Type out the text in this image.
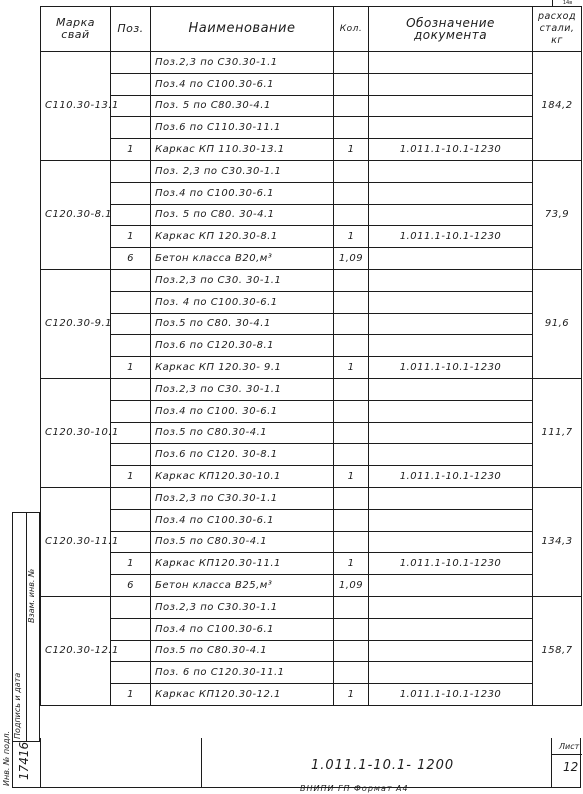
14в
Марка свай	Поз.	Наименование	Кол.	Обозначение документа	расход стали, кг
С110.30-13.1		Поз.2,3 по С30.30-1.1			184,2
		Поз.4 по С100.30-6.1			
		Поз. 5 по С80.30-4.1			
		Поз.6 по С110.30-11.1			
	1	Каркас КП 110.30-13.1	1	1.011.1-10.1-1230	
С120.30-8.1		Поз. 2,3 по С30.30-1.1			73,9
		Поз.4 по С100.30-6.1			
		Поз. 5 по С80. 30-4.1			
	1	Каркас КП 120.30-8.1	1	1.011.1-10.1-1230	
	6	Бетон класса В20,м³	1,09		
С120.30-9.1		Поз.2,3 по С30. 30-1.1			91,6
		Поз. 4 по С100.30-6.1			
		Поз.5 по С80. 30-4.1			
		Поз.6 по С120.30-8.1			
	1	Каркас КП 120.30- 9.1	1	1.011.1-10.1-1230	
С120.30-10.1		Поз.2,3 по С30. 30-1.1			111,7
		Поз.4 по С100. 30-6.1			
		Поз.5 по С80.30-4.1			
		Поз.6 по С120. 30-8.1			
	1	Каркас КП120.30-10.1	1	1.011.1-10.1-1230	
С120.30-11.1		Поз.2,3 по С30.30-1.1			134,3
		Поз.4 по С100.30-6.1			
		Поз.5 по С80.30-4.1			
	1	Каркас КП120.30-11.1	1	1.011.1-10.1-1230	
	6	Бетон класса В25,м³	1,09		
С120.30-12.1		Поз.2,3 по С30.30-1.1			158,7
		Поз.4 по С100.30-6.1			
		Поз.5 по С80.30-4.1			
		Поз. 6 по С120.30-11.1			
	1	Каркас КП120.30-12.1	1	1.011.1-10.1-1230	
Подпись и дата
Взам. инв. №
Инв. № подл. 17416	1.011.1-10.1- 1200
Лист
12
ВНИПИ ГП Формат А4
